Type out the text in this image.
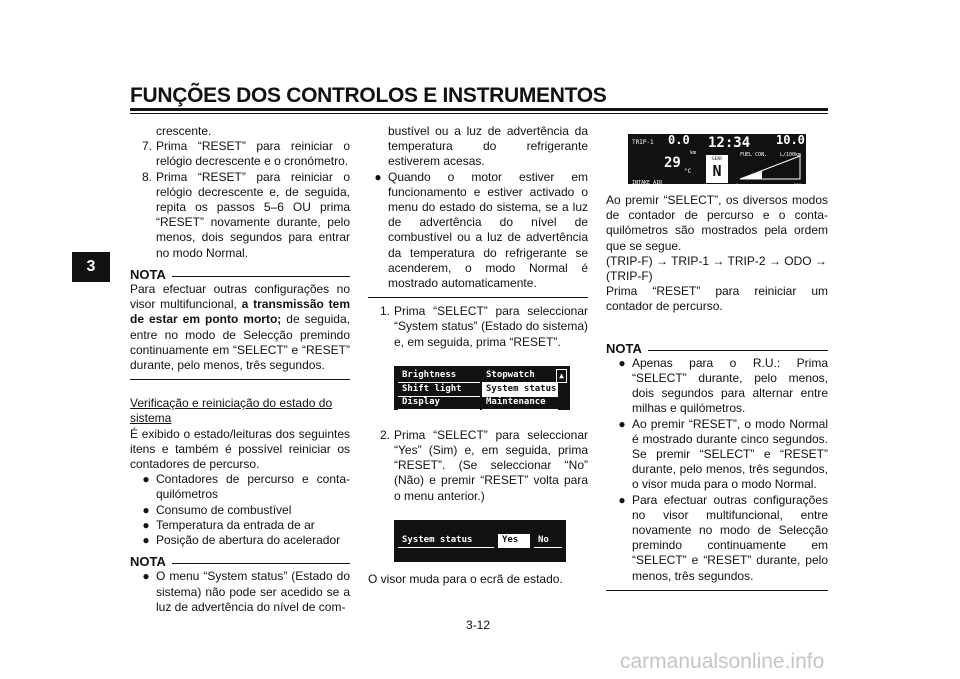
FUNÇÕES DOS CONTROLOS E INSTRUMENTOS
3

crescente.

7. Prima “RESET” para reiniciar o relógio decrescente e o cronómetro.
8. Prima “RESET” para reiniciar o relógio decrescente e, de seguida, repita os passos 5–6 OU prima “RESET” novamente durante, pelo menos, dois segundos para entrar no modo Normal.
NOTA

Para efectuar outras configurações no visor multifuncional, a transmissão tem de estar em ponto morto; de seguida, entre no modo de Selecção premindo continuamente em “SELECT” e “RESET” durante, pelo menos, três segundos.

Verificação e reiniciação do estado do sistema

É exibido o estado/leituras dos seguintes itens e também é possível reiniciar os contadores de percurso.

● Contadores de percurso e conta-quilómetros
● Consumo de combustível
● Temperatura da entrada de ar
● Posição de abertura do acelerador
NOTA
● O menu “System status” (Estado do sistema) não pode ser acedido se a luz de advertência do nível de com-

bustível ou a luz de advertência da temperatura do refrigerante estiverem acesas.

● Quando o motor estiver em funcionamento e estiver activado o menu do estado do sistema, se a luz de advertência do nível de combustível ou a luz de advertência da temperatura do refrigerante se acenderem, o modo Normal é mostrado automaticamente.
1. Prima “SELECT” para seleccionar “System status” (Estado do sistema) e, em seguida, prima “RESET”.
Brightness	Stopwatch
Shift light	System status
Display	Maintenance
▲
2. Prima “SELECT” para seleccionar “Yes” (Sim) e, em seguida, prima “RESET”. (Se seleccionar “No” (Não) e premir “RESET” volta para o menu anterior.)
System status	Yes	No

O visor muda para o ecrã de estado.

TRIP-1 0.0
km
12:34 10.0
FUEL CON.	L/100km
29
°C
INTAKE AIR
GEAR
N
0	100

Ao premir “SELECT”, os diversos modos de contador de percurso e o conta-quilómetros são mostrados pela ordem que se segue.

(TRIP-F) → TRIP-1 → TRIP-2 → ODO → (TRIP-F)

Prima “RESET” para reiniciar um contador de percurso.

NOTA
● Apenas para o R.U.: Prima “SELECT” durante, pelo menos, dois segundos para alternar entre milhas e quilómetros.
● Ao premir “RESET”, o modo Normal é mostrado durante cinco segundos. Se premir “SELECT” e “RESET” durante, pelo menos, três segundos, o visor muda para o modo Normal.
● Para efectuar outras configurações no visor multifuncional, entre novamente no modo de Selecção premindo continuamente em “SELECT” e “RESET” durante, pelo menos, três segundos.
3-12
carmanualsonline.info
